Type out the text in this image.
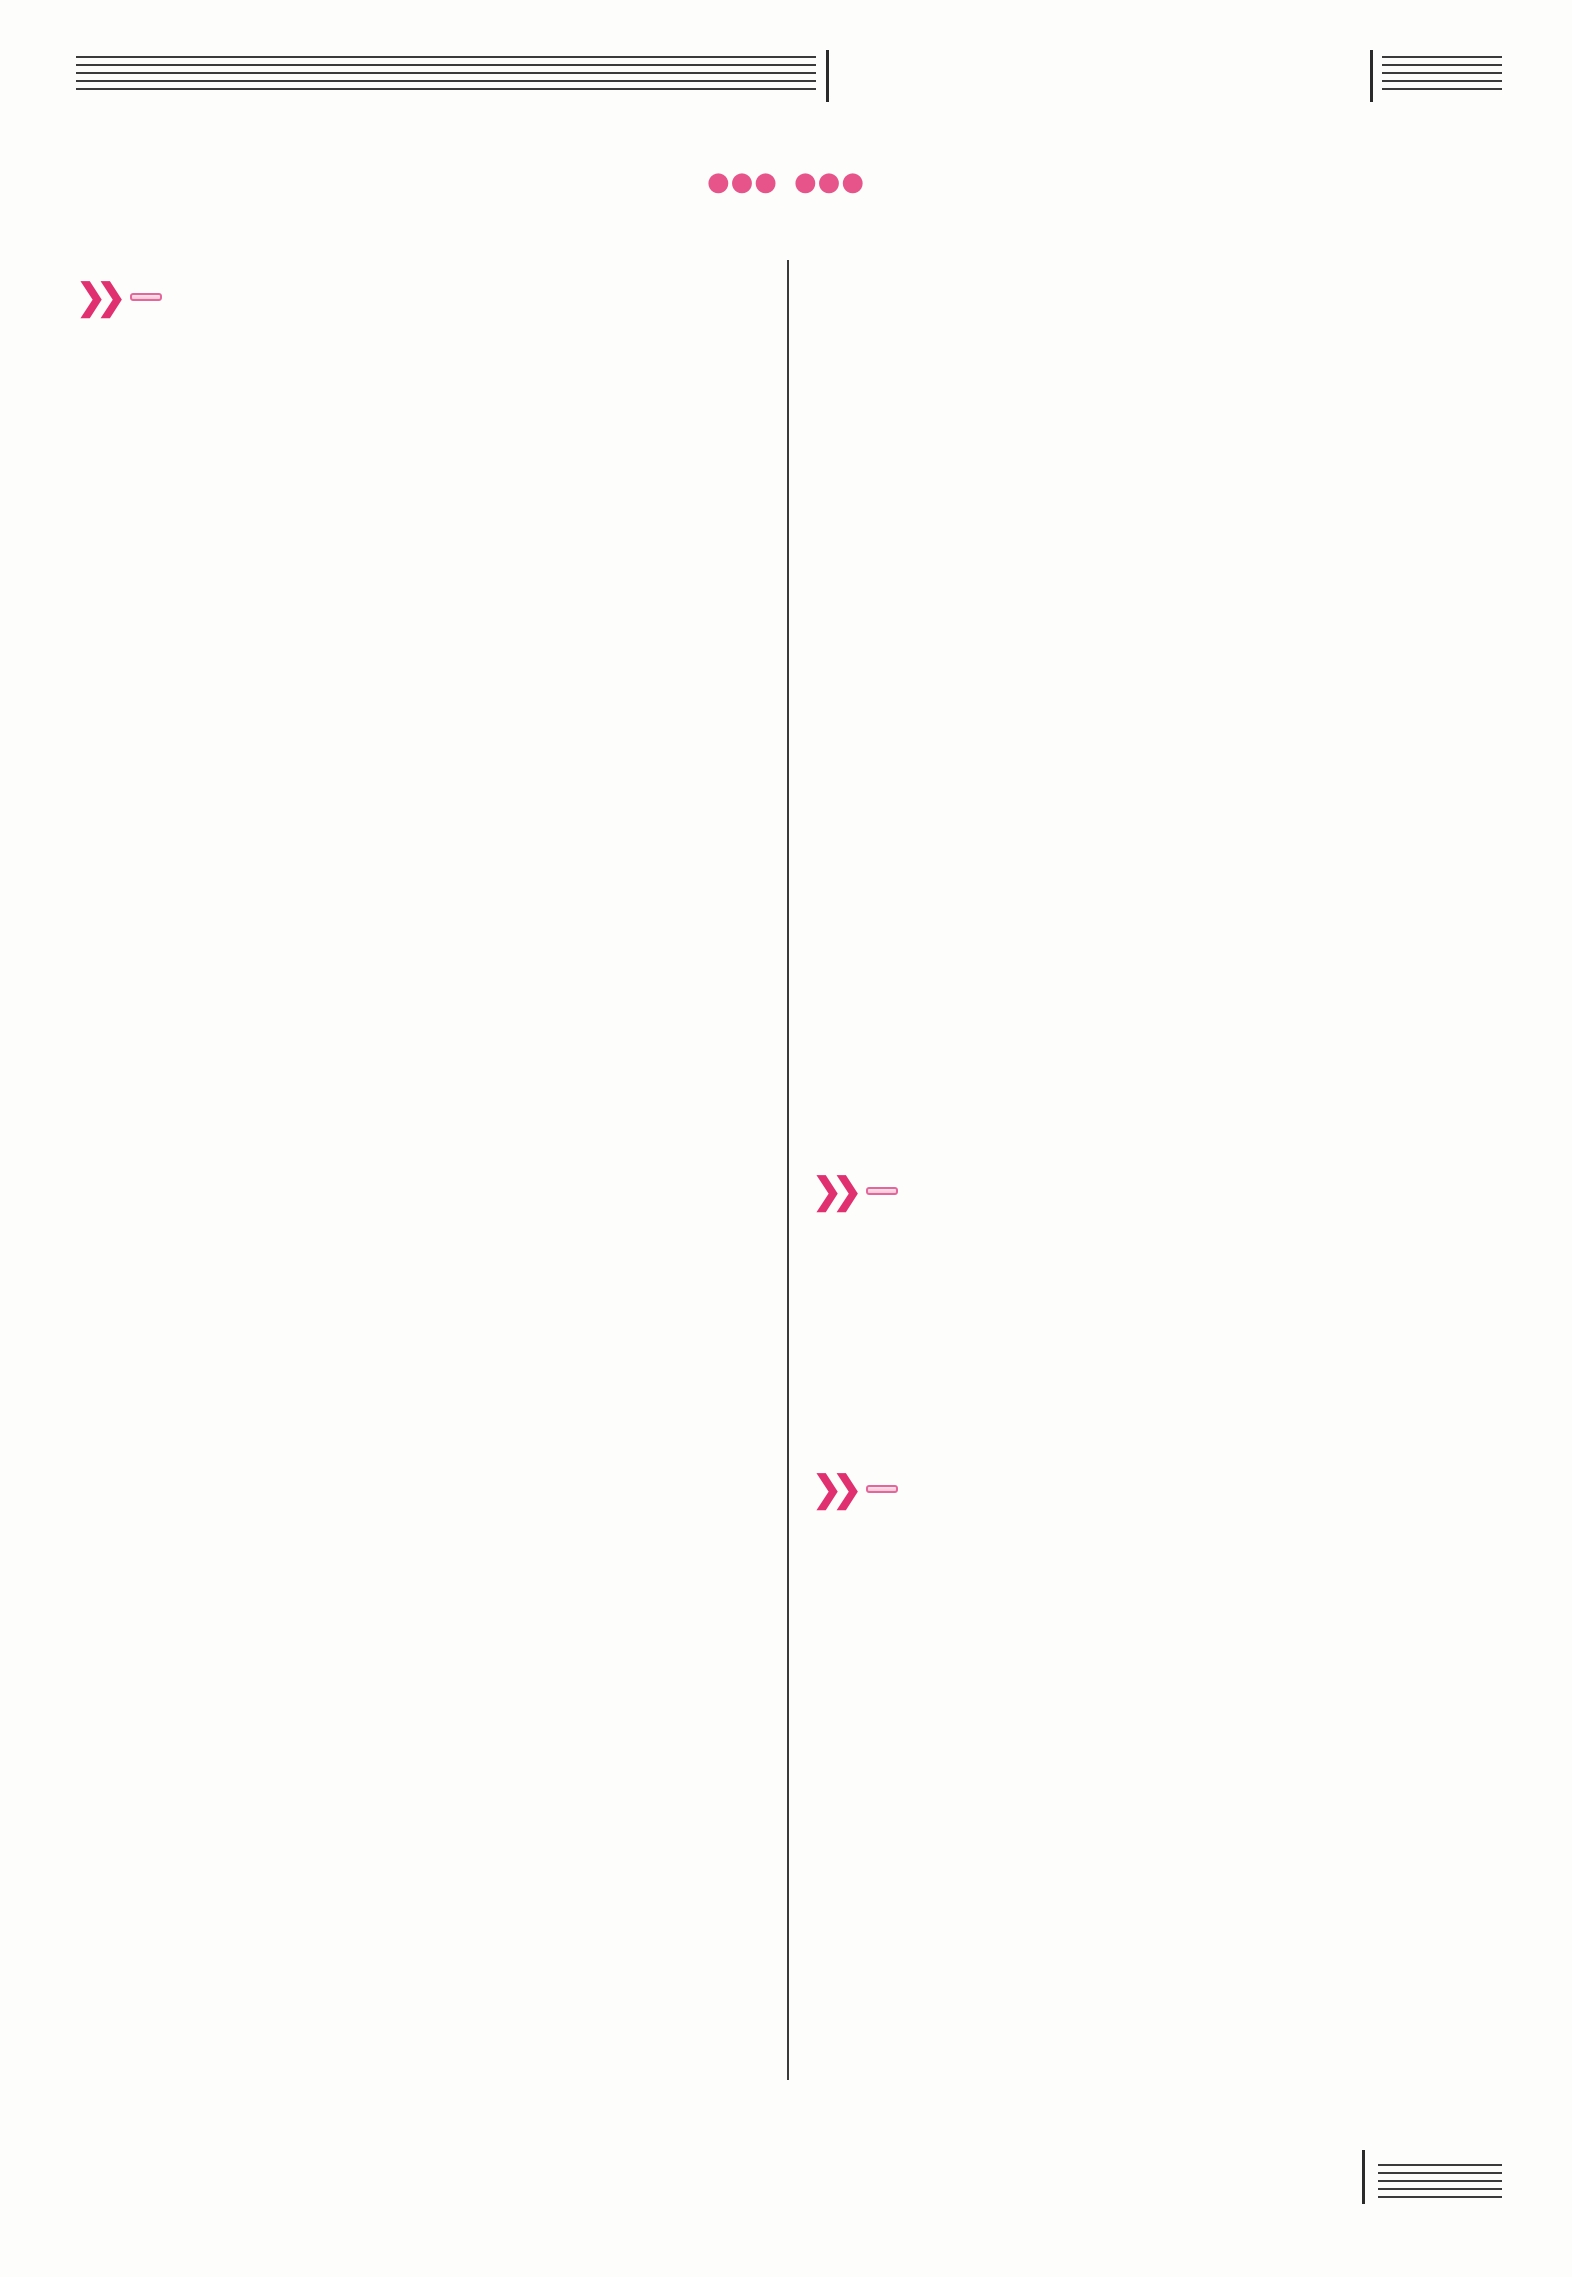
●●● ●●●
❯❯
❯❯
❯❯
